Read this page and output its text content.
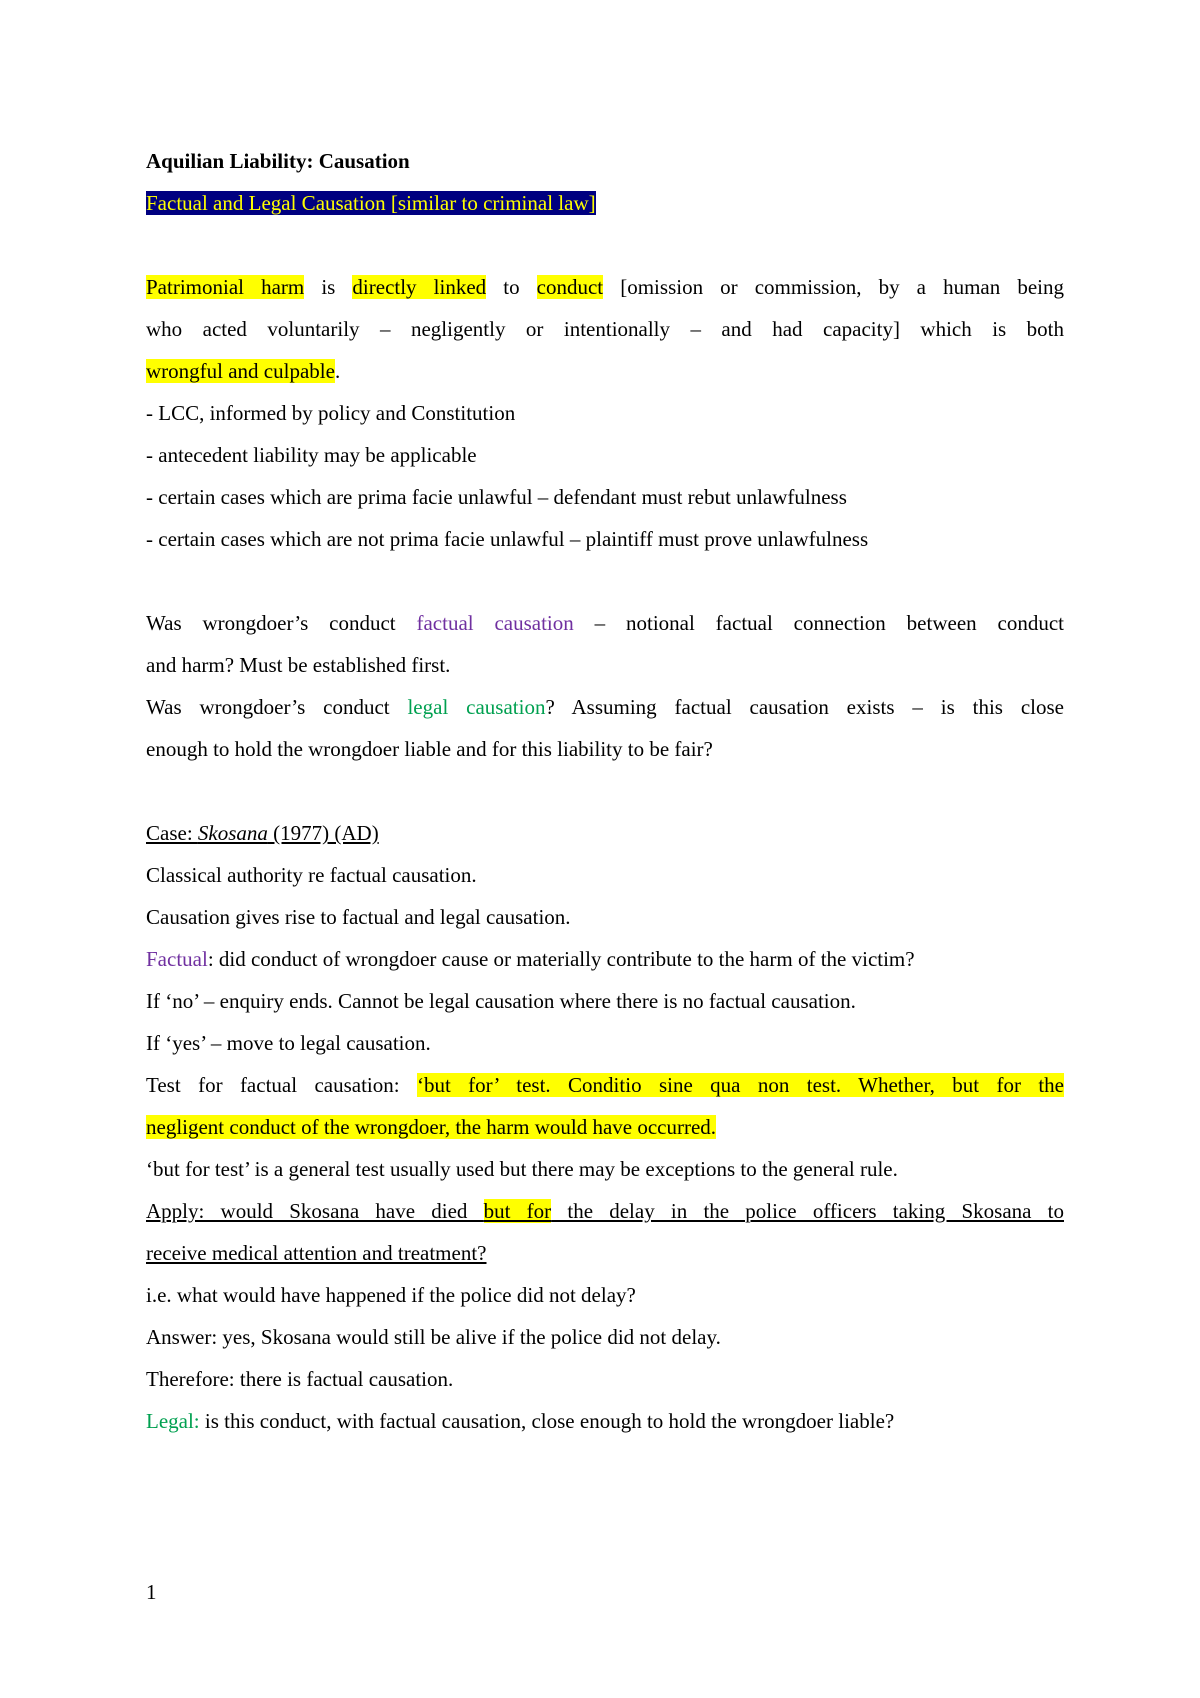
Aquilian Liability: Causation
Factual and Legal Causation [similar to criminal law]
Patrimonial harm is directly linked to conduct [omission or commission, by a human being
who acted voluntarily – negligently or intentionally – and had capacity] which is both
wrongful and culpable.
- LCC, informed by policy and Constitution
- antecedent liability may be applicable
- certain cases which are prima facie unlawful – defendant must rebut unlawfulness
- certain cases which are not prima facie unlawful – plaintiff must prove unlawfulness
Was wrongdoer’s conduct factual causation – notional factual connection between conduct
and harm? Must be established first.
Was wrongdoer’s conduct legal causation? Assuming factual causation exists – is this close
enough to hold the wrongdoer liable and for this liability to be fair?
Case: Skosana (1977) (AD)
Classical authority re factual causation.
Causation gives rise to factual and legal causation.
Factual: did conduct of wrongdoer cause or materially contribute to the harm of the victim?
If ‘no’ – enquiry ends. Cannot be legal causation where there is no factual causation.
If ‘yes’ – move to legal causation.
Test for factual causation: ‘but for’ test. Conditio sine qua non test. Whether, but for the
negligent conduct of the wrongdoer, the harm would have occurred.
‘but for test’ is a general test usually used but there may be exceptions to the general rule.
Apply: would Skosana have died but for the delay in the police officers taking Skosana to
receive medical attention and treatment?
i.e. what would have happened if the police did not delay?
Answer: yes, Skosana would still be alive if the police did not delay.
Therefore: there is factual causation.
Legal: is this conduct, with factual causation, close enough to hold the wrongdoer liable?
1
